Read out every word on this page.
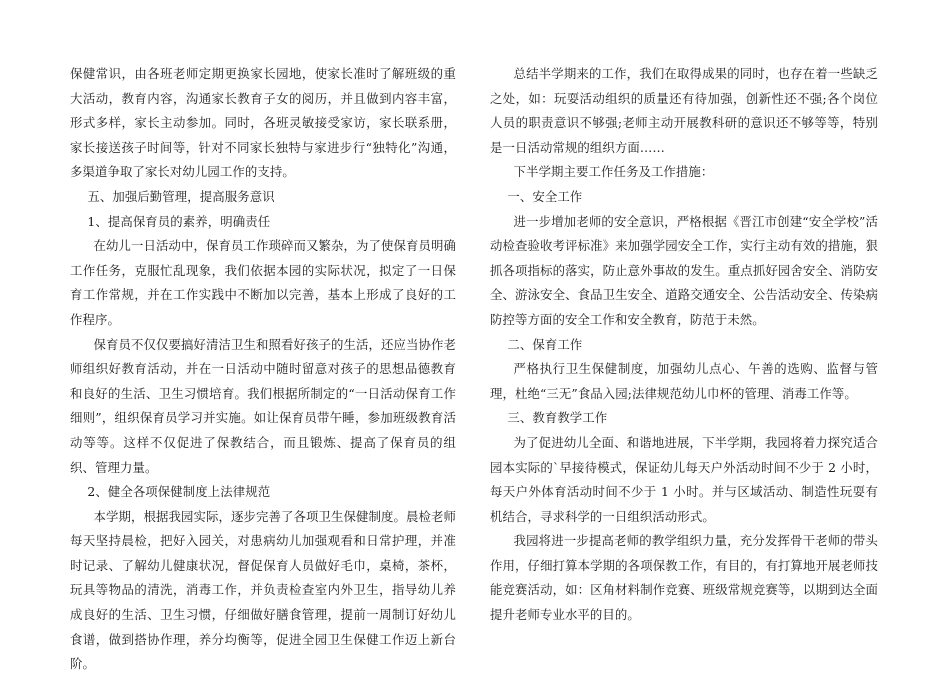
保健常识，由各班老师定期更换家长园地，使家长准时了解班级的重大活动，教育内容，沟通家长教育子女的阅历，并且做到内容丰富，形式多样，家长主动参加。同时，各班灵敏接受家访，家长联系册，家长接送孩子时间等，针对不同家长独特与家进步行“独特化”沟通，多渠道争取了家长对幼儿园工作的支持。

五、加强后勤管理，提高服务意识

1、提高保育员的素养，明确责任

在幼儿一日活动中，保育员工作琐碎而又繁杂，为了使保育员明确工作任务，克服忙乱现象，我们依据本园的实际状况，拟定了一日保育工作常规，并在工作实践中不断加以完善，基本上形成了良好的工作程序。

保育员不仅仅要搞好清洁卫生和照看好孩子的生活，还应当协作老师组织好教育活动，并在一日活动中随时留意对孩子的思想品德教育和良好的生活、卫生习惯培育。我们根据所制定的“一日活动保育工作细则”，组织保育员学习并实施。如让保育员带午睡，参加班级教育活动等等。这样不仅促进了保教结合，而且锻炼、提高了保育员的组织、管理力量。

2、健全各项保健制度上法律规范

本学期，根据我园实际，逐步完善了各项卫生保健制度。晨检老师每天坚持晨检，把好入园关，对患病幼儿加强观看和日常护理，并准时记录、了解幼儿健康状况，督促保育人员做好毛巾，桌椅，茶杯，玩具等物品的清洗，消毒工作，并负责检查室内外卫生，指导幼儿养成良好的生活、卫生习惯，仔细做好膳食管理，提前一周制订好幼儿食谱，做到搭协作理，养分均衡等，促进全园卫生保健工作迈上新台阶。

总结半学期来的工作，我们在取得成果的同时，也存在着一些缺乏之处，如：玩耍活动组织的质量还有待加强，创新性还不强;各个岗位人员的职责意识不够强;老师主动开展教科研的意识还不够等等，特别是一日活动常规的组织方面……

下半学期主要工作任务及工作措施：

一、安全工作

进一步增加老师的安全意识，严格根据《晋江市创建“安全学校”活动检查验收考评标准》来加强学园安全工作，实行主动有效的措施，狠抓各项指标的落实，防止意外事故的发生。重点抓好园舍安全、消防安全、游泳安全、食品卫生安全、道路交通安全、公告活动安全、传染病防控等方面的安全工作和安全教育，防范于未然。

二、保育工作

严格执行卫生保健制度，加强幼儿点心、午善的选购、监督与管理，杜绝“三无”食品入园;法律规范幼儿巾杯的管理、消毒工作等。

三、教育教学工作

为了促进幼儿全面、和谐地进展，下半学期，我园将着力探究适合园本实际的`早接待模式，保证幼儿每天户外活动时间不少于 2 小时，每天户外体育活动时间不少于 1 小时。并与区域活动、制造性玩耍有机结合，寻求科学的一日组织活动形式。

我园将进一步提高老师的教学组织力量，充分发挥骨干老师的带头作用，仔细打算本学期的各项保教工作，有目的，有打算地开展老师技能竞赛活动，如：区角材料制作竞赛、班级常规竞赛等，以期到达全面提升老师专业水平的目的。
